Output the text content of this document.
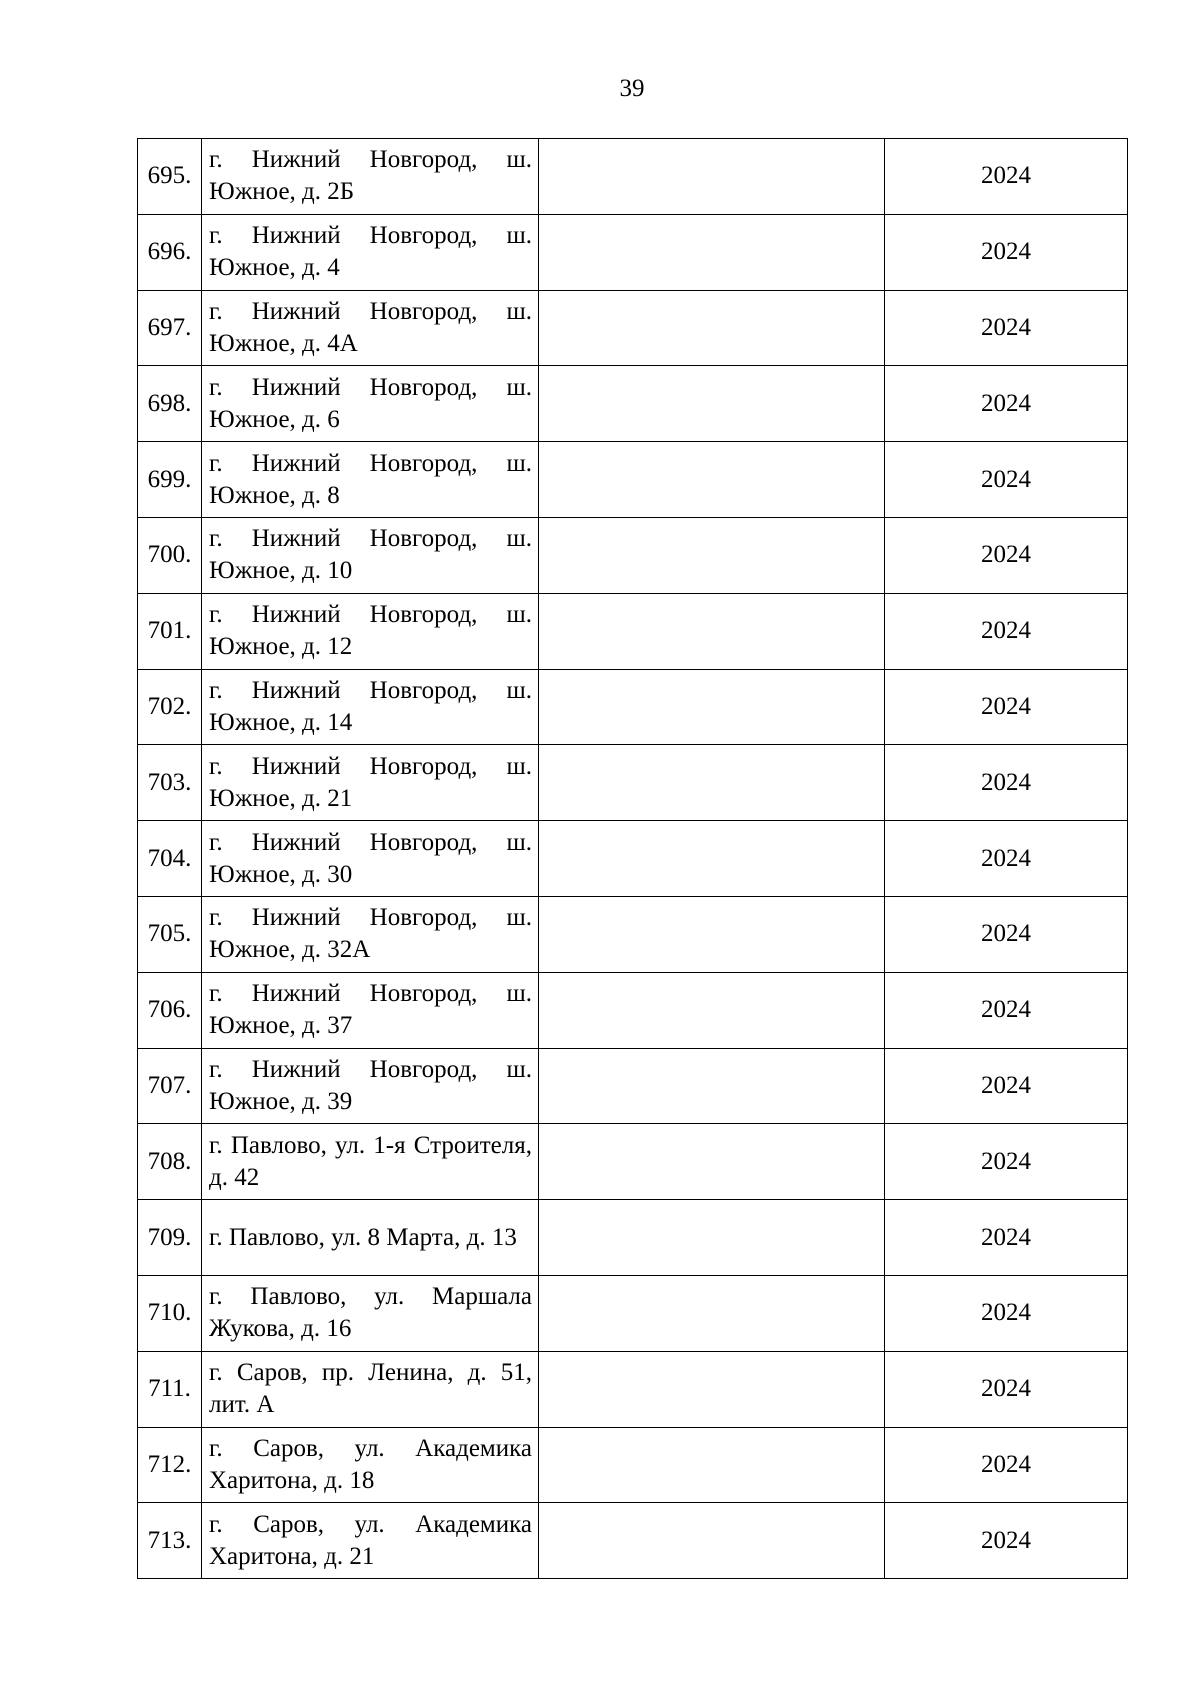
39
695.	г. Нижний Новгород, ш. Южное, д. 2Б		2024
696.	г. Нижний Новгород, ш. Южное, д. 4		2024
697.	г. Нижний Новгород, ш. Южное, д. 4А		2024
698.	г. Нижний Новгород, ш. Южное, д. 6		2024
699.	г. Нижний Новгород, ш. Южное, д. 8		2024
700.	г. Нижний Новгород, ш. Южное, д. 10		2024
701.	г. Нижний Новгород, ш. Южное, д. 12		2024
702.	г. Нижний Новгород, ш. Южное, д. 14		2024
703.	г. Нижний Новгород, ш. Южное, д. 21		2024
704.	г. Нижний Новгород, ш. Южное, д. 30		2024
705.	г. Нижний Новгород, ш. Южное, д. 32А		2024
706.	г. Нижний Новгород, ш. Южное, д. 37		2024
707.	г. Нижний Новгород, ш. Южное, д. 39		2024
708.	г. Павлово, ул. 1-я Строителя, д. 42		2024
709.	г. Павлово, ул. 8 Марта, д. 13		2024
710.	г. Павлово, ул. Маршала Жукова, д. 16		2024
711.	г. Саров, пр. Ленина, д. 51, лит. А		2024
712.	г. Саров, ул. Академика Харитона, д. 18		2024
713.	г. Саров, ул. Академика Харитона, д. 21		2024
